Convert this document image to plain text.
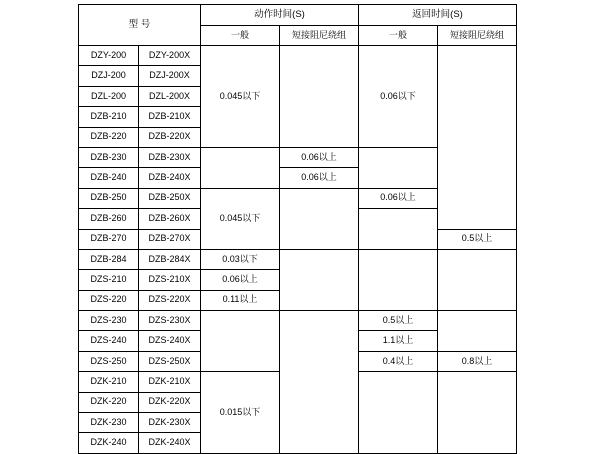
型 号		动作时间(S)		返回时间(S)	
		一般	短接阻尼绕组	一般	短接阻尼绕组
DZY-200	DZY-200X	0.045以下		0.06以下	
DZJ-200	DZJ-200X				
DZL-200	DZL-200X				
DZB-210	DZB-210X				
DZB-220	DZB-220X				
DZB-230	DZB-230X		0.06以上		
DZB-240	DZB-240X		0.06以上		
DZB-250	DZB-250X	0.045以下		0.06以上	
DZB-260	DZB-260X				
DZB-270	DZB-270X				0.5以上
DZB-284	DZB-284X	0.03以下			
DZS-210	DZS-210X	0.06以上			
DZS-220	DZS-220X	0.11以上			
DZS-230	DZS-230X			0.5以上	
DZS-240	DZS-240X			1.1以上	
DZS-250	DZS-250X			0.4以上	0.8以上
DZK-210	DZK-210X	0.015以下			
DZK-220	DZK-220X				
DZK-230	DZK-230X				
DZK-240	DZK-240X				
